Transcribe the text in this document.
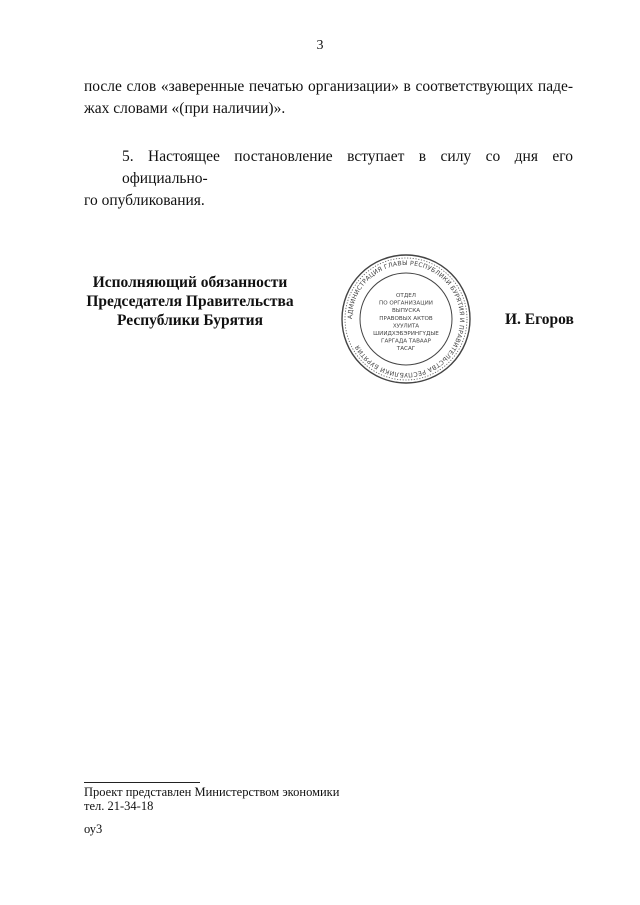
3
после слов «заверенные печатью организации» в соответствующих паде-
жах словами «(при наличии)».
5. Настоящее постановление вступает в силу со дня его официально-
го опубликования.
Исполняющий обязанности
Председателя Правительства
Республики Бурятия	АДМИНИСТРАЦИЯ ГЛАВЫ РЕСПУБЛИКИ БУРЯТИЯ И ПРАВИТЕЛЬСТВА РЕСПУБЛИКИ БУРЯТИЯ
ОТДЕЛ
ПО ОРГАНИЗАЦИИ
ВЫПУСКА
ПРАВОВЫХ АКТОВ
ХУУЛИТА
ШИИДХЭБЭРИНГҮДЫЕ
ГАРГАДА ТАВААР
ТАСАГ
И. Егоров
Проект представлен Министерством экономики
тел. 21-34-18
оу3
